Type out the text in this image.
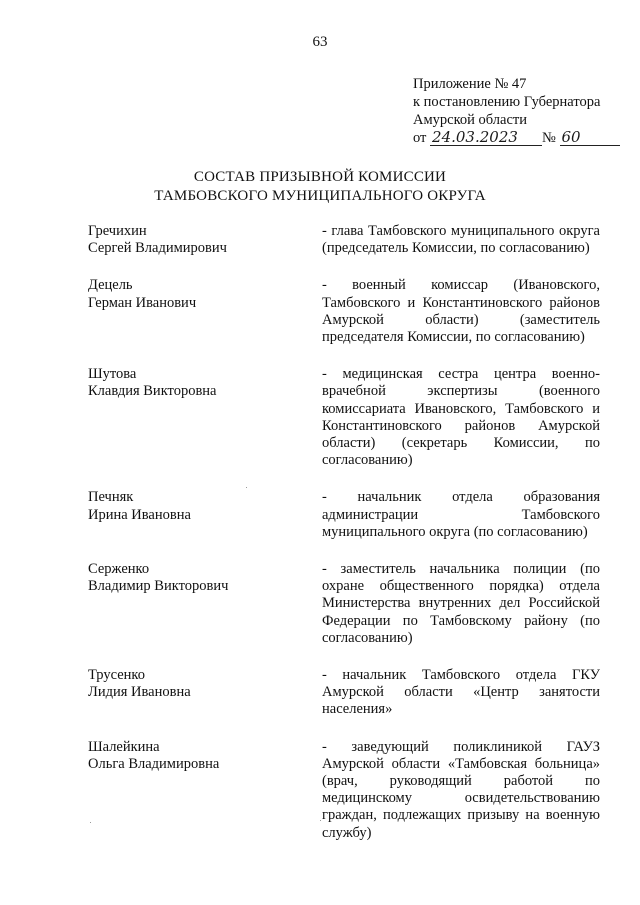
63
Приложение № 47
к постановлению Губернатора
Амурской области
от 24.03.2023 № 60
СОСТАВ ПРИЗЫВНОЙ КОМИССИИ
ТАМБОВСКОГО МУНИЦИПАЛЬНОГО ОКРУГА
Гречихин
Сергей Владимирович
- глава Тамбовского муниципального округа (председатель Комиссии, по согласованию)
Децель
Герман Иванович
- военный комиссар (Ивановского, Тамбовского и Константиновского районов Амурской области) (заместитель председателя Комиссии, по согласованию)
Шутова
Клавдия Викторовна
- медицинская сестра центра военно-врачебной экспертизы (военного комиссариата Ивановского, Тамбовского и Константиновского районов Амурской области) (секретарь Комиссии, по согласованию)
Печняк
Ирина Ивановна
- начальник отдела образования администрации Тамбовского муниципального округа (по согласованию)
Серженко
Владимир Викторович
- заместитель начальника полиции (по охране общественного порядка) отдела Министерства внутренних дел Российской Федерации по Тамбовскому району (по согласованию)
Трусенко
Лидия Ивановна
- начальник Тамбовского отдела ГКУ Амурской области «Центр занятости населения»
Шалейкина
Ольга Владимировна
- заведующий поликлиникой ГАУЗ Амурской области «Тамбовская больница» (врач, руководящий работой по медицинскому освидетельствованию граждан, подлежащих призыву на военную службу)
